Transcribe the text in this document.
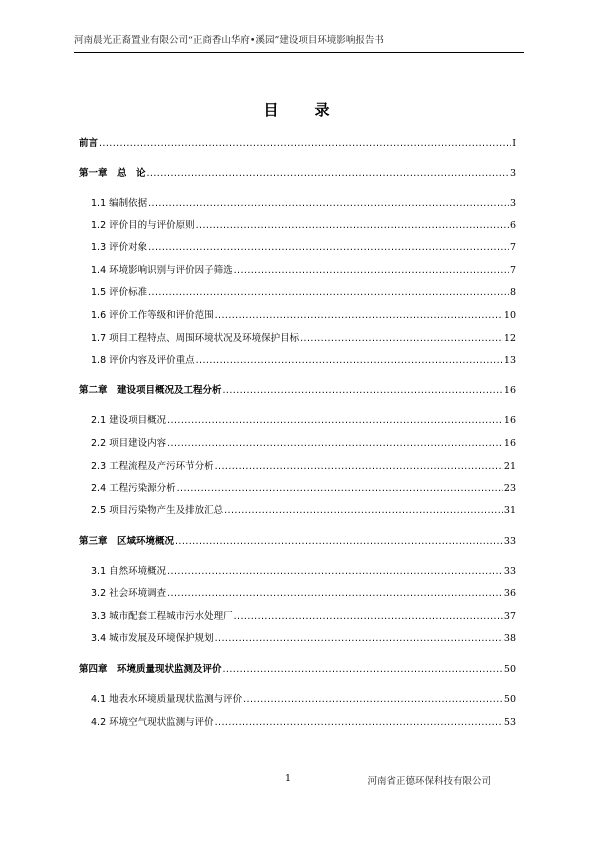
河南晨光正裔置业有限公司“正商香山华府•溪园”建设项目环境影响报告书
目　　录
前言 .....	I
第一章　总　论 .....	3
1.1 编制依据 .....	3
1.2 评价目的与评价原则 .....	6
1.3 评价对象 .....	7
1.4 环境影响识别与评价因子筛选 .....	7
1.5 评价标准 .....	8
1.6 评价工作等级和评价范围 .....	10
1.7 项目工程特点、周围环境状况及环境保护目标 .....	12
1.8 评价内容及评价重点 .....	13
第二章　建设项目概况及工程分析 .....	16
2.1 建设项目概况 .....	16
2.2 项目建设内容 .....	16
2.3 工程流程及产污环节分析 .....	21
2.4 工程污染源分析 .....	23
2.5 项目污染物产生及排放汇总 .....	31
第三章　区域环境概况 .....	33
3.1 自然环境概况 .....	33
3.2 社会环境调查 .....	36
3.3 城市配套工程城市污水处理厂 .....	37
3.4 城市发展及环境保护规划 .....	38
第四章　环境质量现状监测及评价 .....	50
4.1 地表水环境质量现状监测与评价 .....	50
4.2 环境空气现状监测与评价 .....	53
1	河南省正德环保科技有限公司
